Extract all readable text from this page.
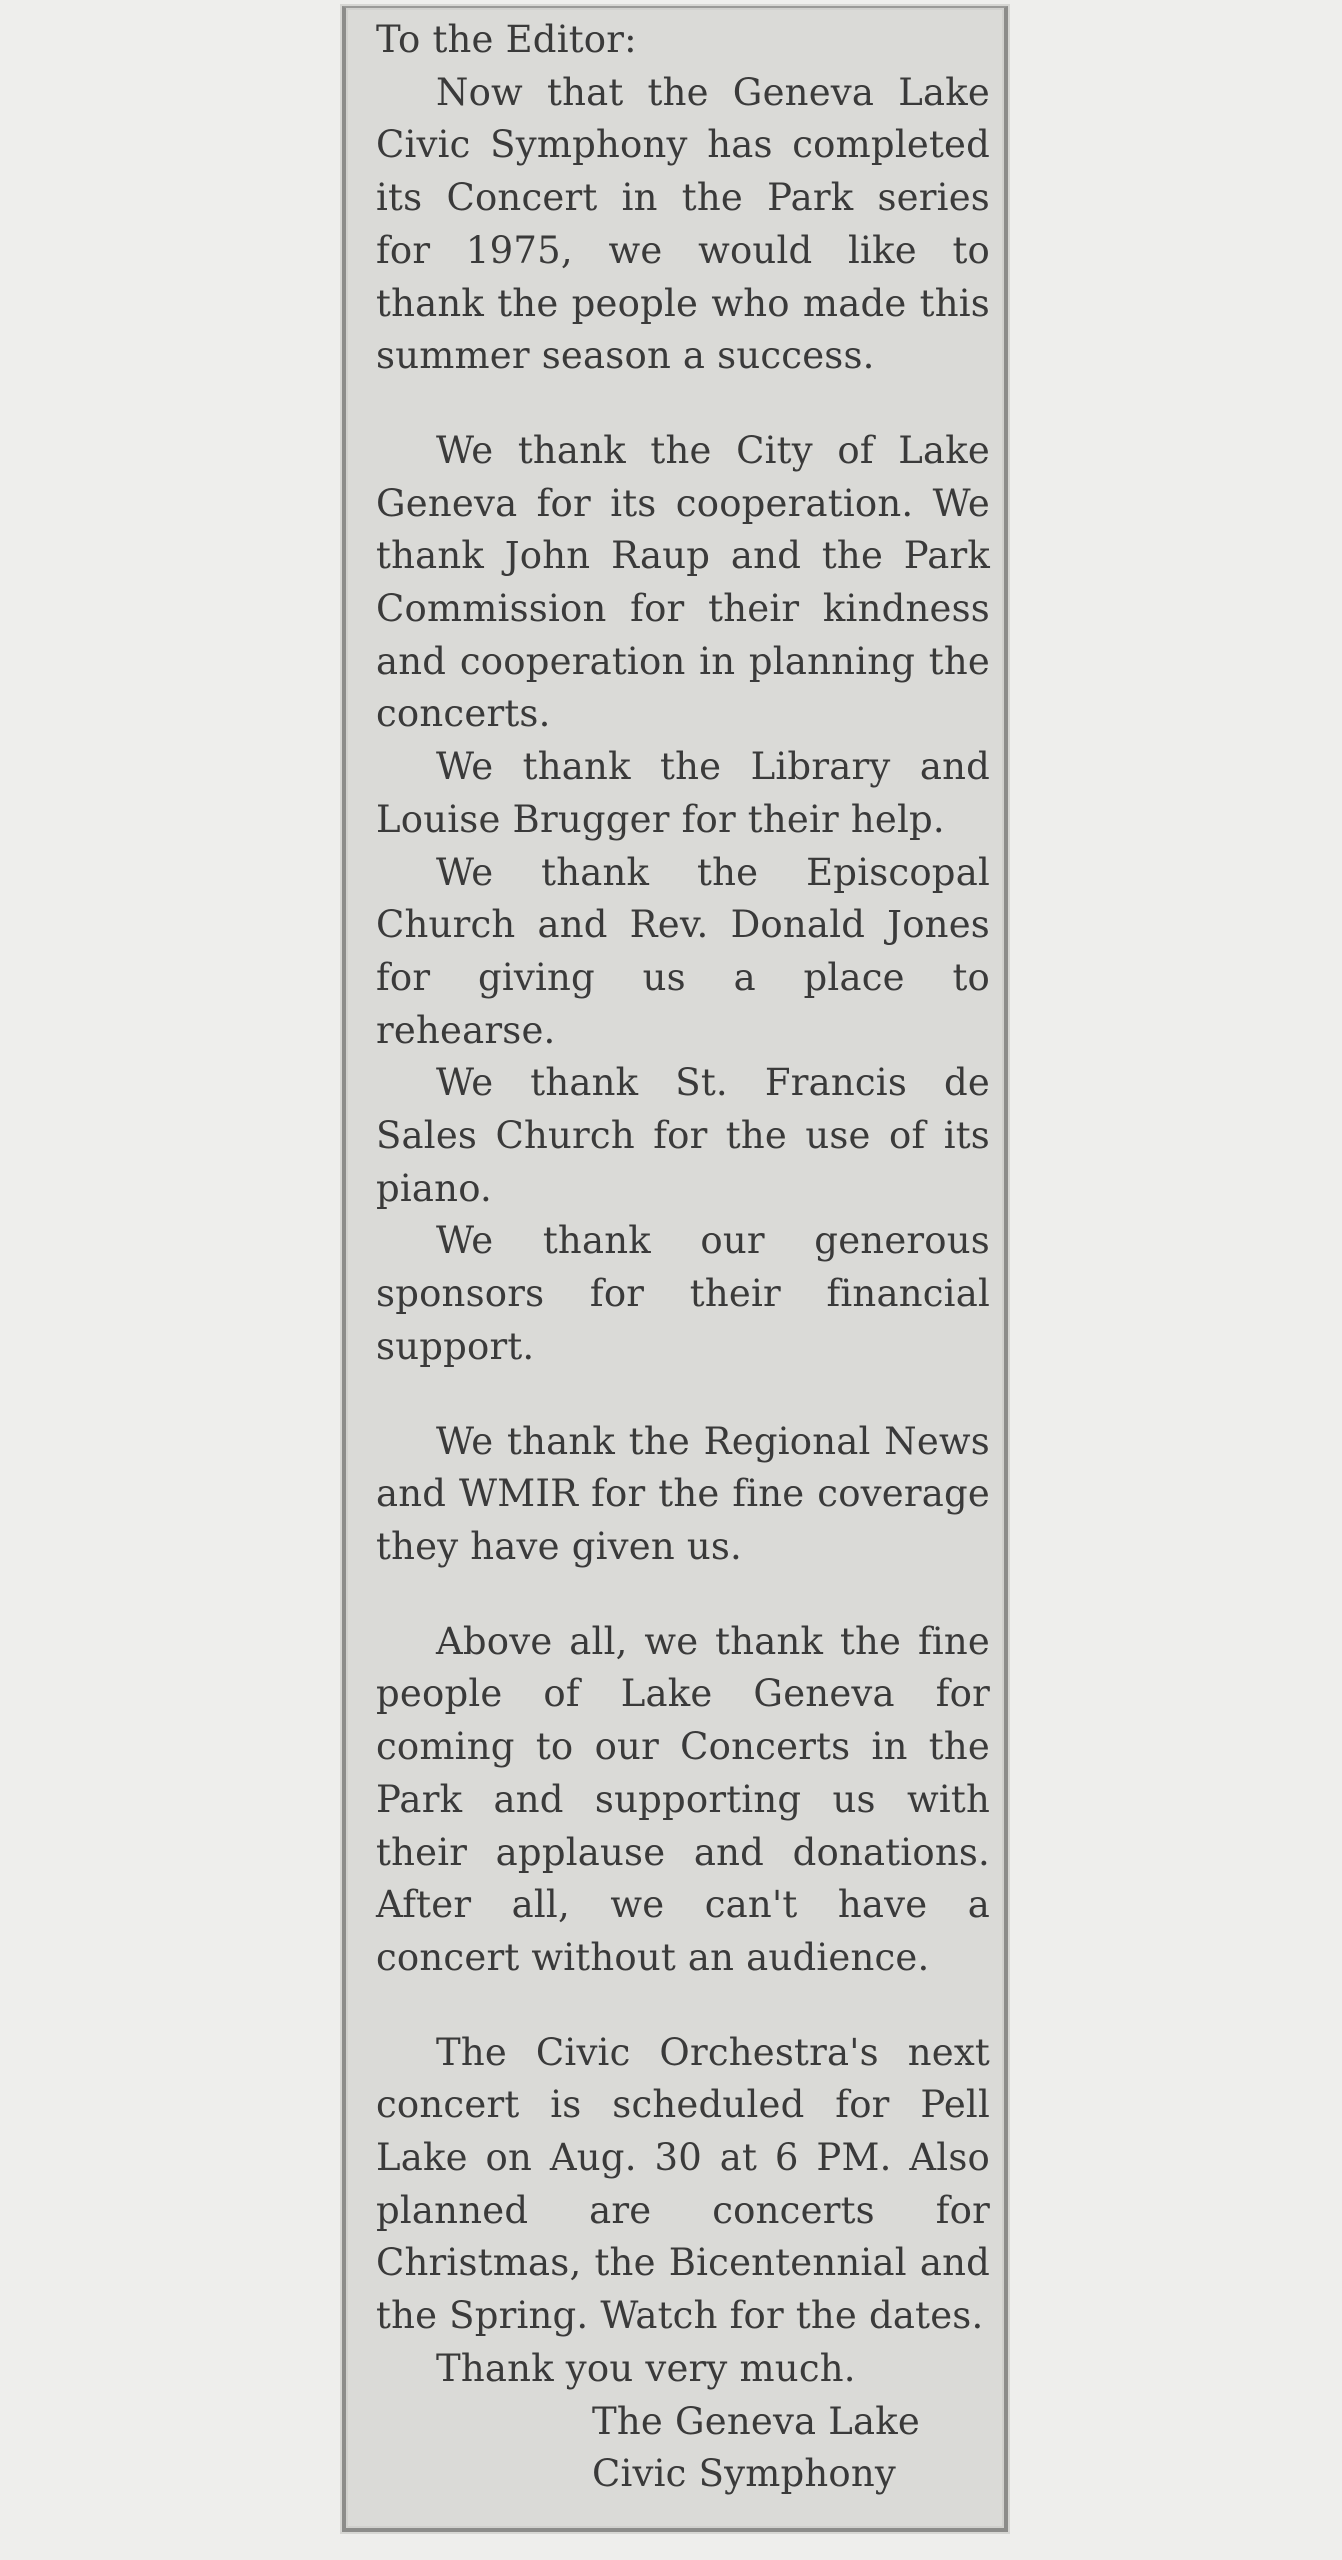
To the Editor:

Now that the Geneva Lake Civic Symphony has completed its Concert in the Park series for 1975, we would like to thank the people who made this summer season a success.

We thank the City of Lake Geneva for its cooperation. We thank John Raup and the Park Commission for their kindness and cooperation in planning the concerts.

We thank the Library and Louise Brugger for their help.

We thank the Episcopal Church and Rev. Donald Jones for giving us a place to rehearse.

We thank St. Francis de Sales Church for the use of its piano.

We thank our generous sponsors for their financial support.

We thank the Regional News and WMIR for the fine coverage they have given us.

Above all, we thank the fine people of Lake Geneva for coming to our Concerts in the Park and supporting us with their applause and donations. After all, we can't have a concert without an audience.

The Civic Orchestra's next concert is scheduled for Pell Lake on Aug. 30 at 6 PM. Also planned are concerts for Christmas, the Bicentennial and the Spring. Watch for the dates.

Thank you very much.

The Geneva Lake
Civic Symphony
